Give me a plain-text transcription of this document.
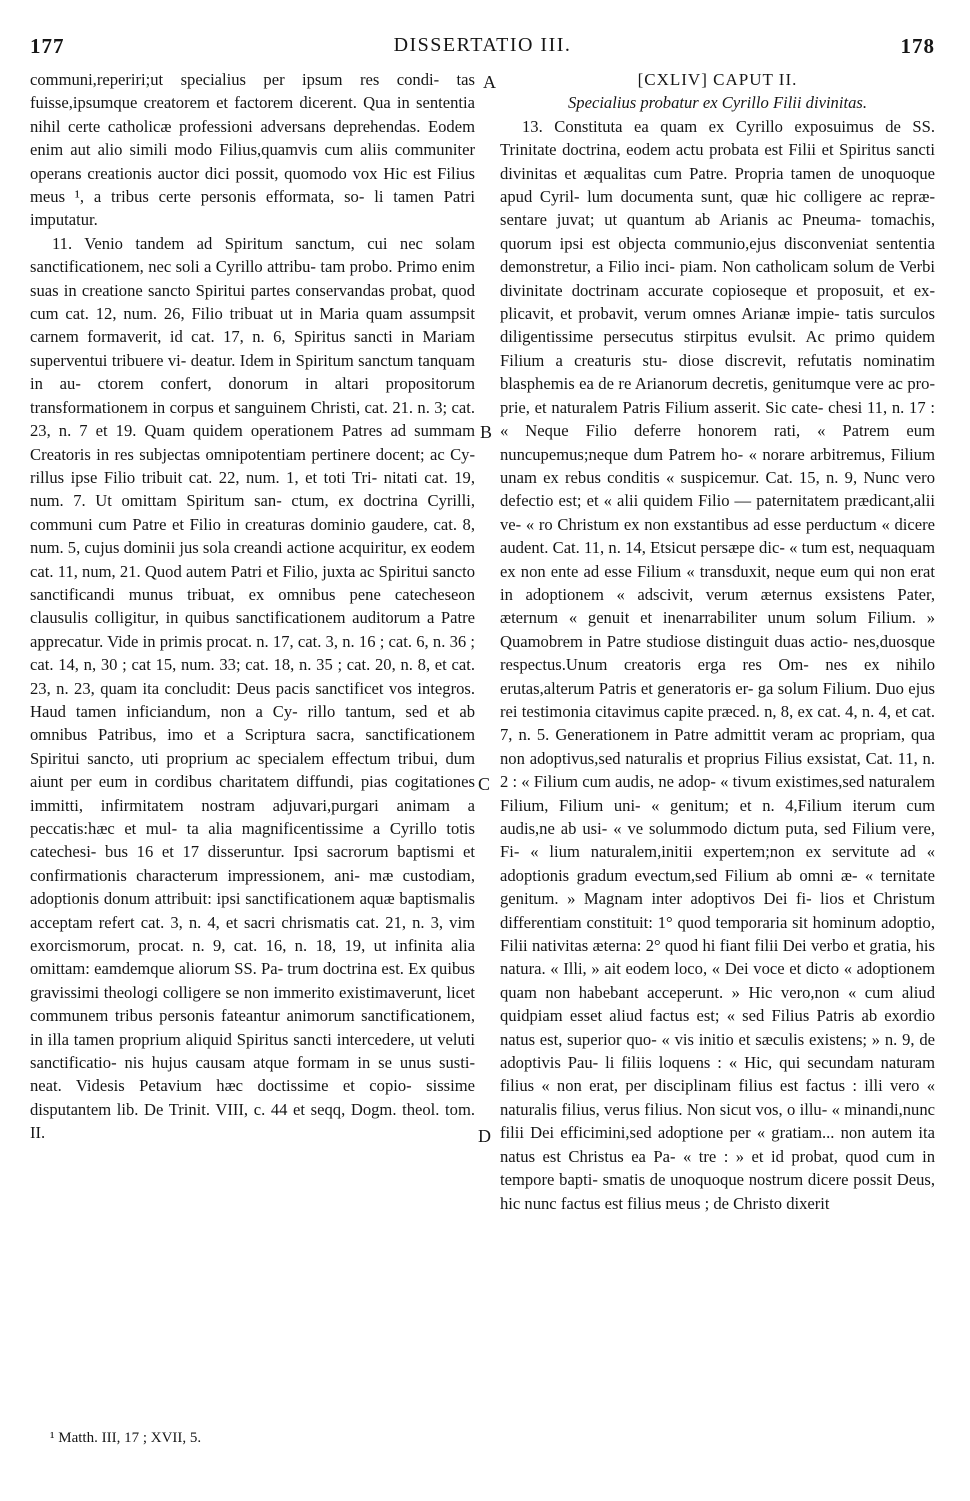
177	DISSERTATIO III.	178
A
B
C
D

communi,reperiri;ut specialius per ipsum res condi- tas fuisse,ipsumque creatorem et factorem dicerent. Qua in sententia nihil certe catholicæ professioni adversans deprehendas. Eodem enim aut alio simili modo Filius,quamvis cum aliis communiter operans creationis auctor dici possit, quomodo vox Hic est Filius meus ¹, a tribus certe personis efformata, so- li tamen Patri imputatur.

11. Venio tandem ad Spiritum sanctum, cui nec solam sanctificationem, nec soli a Cyrillo attribu- tam probo. Primo enim suas in creatione sancto Spiritui partes conservandas probat, quod cum cat. 12, num. 26, Filio tribuat ut in Maria quam assumpsit carnem formaverit, id cat. 17, n. 6, Spiritus sancti in Mariam superventui tribuere vi- deatur. Idem in Spiritum sanctum tanquam in au- ctorem confert, donorum in altari propositorum transformationem in corpus et sanguinem Christi, cat. 21. n. 3; cat. 23, n. 7 et 19. Quam quidem operationem Patres ad summam Creatoris in res subjectas omnipotentiam pertinere docent; ac Cy- rillus ipse Filio tribuit cat. 22, num. 1, et toti Tri- nitati cat. 19, num. 7. Ut omittam Spiritum san- ctum, ex doctrina Cyrilli, communi cum Patre et Filio in creaturas dominio gaudere, cat. 8, num. 5, cujus dominii jus sola creandi actione acquiritur, ex eodem cat. 11, num, 21. Quod autem Patri et Filio, juxta ac Spiritui sancto sanctificandi munus tribuat, ex omnibus pene catecheseon clausulis colligitur, in quibus sanctificationem auditorum a Patre apprecatur. Vide in primis procat. n. 17, cat. 3, n. 16 ; cat. 6, n. 36 ; cat. 14, n, 30 ; cat 15, num. 33; cat. 18, n. 35 ; cat. 20, n. 8, et cat. 23, n. 23, quam ita concludit: Deus pacis sanctificet vos integros. Haud tamen inficiandum, non a Cy- rillo tantum, sed et ab omnibus Patribus, imo et a Scriptura sacra, sanctificationem Spiritui sancto, uti proprium ac specialem effectum tribui, dum aiunt per eum in cordibus charitatem diffundi, pias cogitationes immitti, infirmitatem nostram adjuvari,purgari animam a peccatis:hæc et mul- ta alia magnificentissime a Cyrillo totis catechesi- bus 16 et 17 disseruntur. Ipsi sacrorum baptismi et confirmationis characterum impressionem, ani- mæ custodiam, adoptionis donum attribuit: ipsi sanctificationem aquæ baptismalis acceptam refert cat. 3, n. 4, et sacri chrismatis cat. 21, n. 3, vim exorcismorum, procat. n. 9, cat. 16, n. 18, 19, ut infinita alia omittam: eamdemque aliorum SS. Pa- trum doctrina est. Ex quibus gravissimi theologi colligere se non immerito existimaverunt, licet communem tribus personis fateantur animorum sanctificationem, in illa tamen proprium aliquid Spiritus sancti intercedere, ut veluti sanctificatio- nis hujus causam atque formam in se unus susti- neat. Videsis Petavium hæc doctissime et copio- sissime disputantem lib. De Trinit. VIII, c. 44 et seqq, Dogm. theol. tom. II.

[CXLIV] CAPUT II.

Specialius probatur ex Cyrillo Filii divinitas.

13. Constituta ea quam ex Cyrillo exposuimus de SS. Trinitate doctrina, eodem actu probata est Filii et Spiritus sancti divinitas et æqualitas cum Patre. Propria tamen de unoquoque apud Cyril- lum documenta sunt, quæ hic colligere ac repræ- sentare juvat; ut quantum ab Arianis ac Pneuma- tomachis, quorum ipsi est objecta communio,ejus disconveniat sententia demonstretur, a Filio inci- piam. Non catholicam solum de Verbi divinitate doctrinam accurate copioseque et proposuit, et ex- plicavit, et probavit, verum omnes Arianæ impie- tatis surculos diligentissime persecutus stirpitus evulsit. Ac primo quidem Filium a creaturis stu- diose discrevit, refutatis nominatim blasphemis ea de re Arianorum decretis, genitumque vere ac pro- prie, et naturalem Patris Filium asserit. Sic cate- chesi 11, n. 17 : « Neque Filio deferre honorem rati, « Patrem eum nuncupemus;neque dum Patrem ho- « norare arbitremus, Filium unam ex rebus conditis « suspicemur. Cat. 15, n. 9, Nunc vero defectio est; et « alii quidem Filio — paternitatem prædicant,alii ve- « ro Christum ex non exstantibus ad esse perductum « dicere audent. Cat. 11, n. 14, Etsicut persæpe dic- « tum est, nequaquam ex non ente ad esse Filium « transduxit, neque eum qui non erat in adoptionem « adscivit, verum æternus exsistens Pater, æternum « genuit et inenarrabiliter unum solum Filium. » Quamobrem in Patre studiose distinguit duas actio- nes,duosque respectus.Unum creatoris erga res Om- nes ex nihilo erutas,alterum Patris et generatoris er- ga solum Filium. Duo ejus rei testimonia citavimus capite præced. n, 8, ex cat. 4, n. 4, et cat. 7, n. 5. Generationem in Patre admittit veram ac propriam, qua non adoptivus,sed naturalis et proprius Filius exsistat, Cat. 11, n. 2 : « Filium cum audis, ne adop- « tivum existimes,sed naturalem Filium, Filium uni- « genitum; et n. 4,Filium iterum cum audis,ne ab usi- « ve solummodo dictum puta, sed Filium vere, Fi- « lium naturalem,initii expertem;non ex servitute ad « adoptionis gradum evectum,sed Filium ab omni æ- « ternitate genitum. » Magnam inter adoptivos Dei fi- lios et Christum differentiam constituit: 1° quod temporaria sit hominum adoptio, Filii nativitas æterna: 2° quod hi fiant filii Dei verbo et gratia, his natura. « Illi, » ait eodem loco, « Dei voce et dicto « adoptionem quam non habebant acceperunt. » Hic vero,non « cum aliud quidpiam esset aliud factus est; « sed Filius Patris ab exordio natus est, superior quo- « vis initio et sæculis existens; » n. 9, de adoptivis Pau- li filiis loquens : « Hic, qui secundam naturam filius « non erat, per disciplinam filius est factus : illi vero « naturalis filius, verus filius. Non sicut vos, o illu- « minandi,nunc filii Dei efficimini,sed adoptione per « gratiam... non autem ita natus est Christus ea Pa- « tre : » et id probat, quod cum in tempore bapti- smatis de unoquoque nostrum dicere possit Deus, hic nunc factus est filius meus ; de Christo dixerit

¹ Matth. III, 17 ; XVII, 5.
